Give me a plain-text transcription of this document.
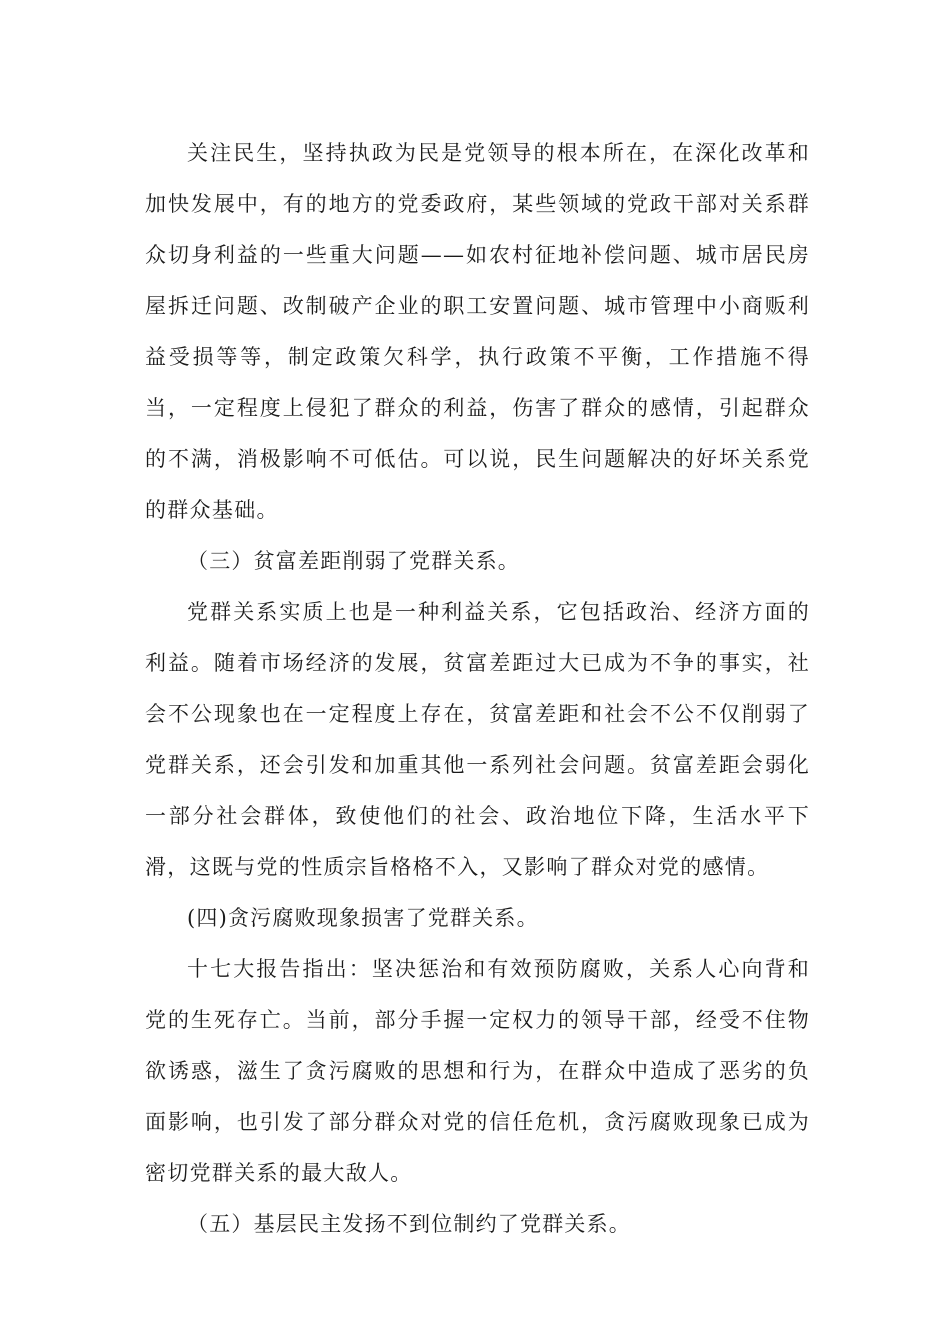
关注民生，坚持执政为民是党领导的根本所在，在深化改革和加快发展中，有的地方的党委政府，某些领域的党政干部对关系群众切身利益的一些重大问题——如农村征地补偿问题、城市居民房屋拆迁问题、改制破产企业的职工安置问题、城市管理中小商贩利益受损等等，制定政策欠科学，执行政策不平衡，工作措施不得当，一定程度上侵犯了群众的利益，伤害了群众的感情，引起群众的不满，消极影响不可低估。可以说，民生问题解决的好坏关系党的群众基础。

（三）贫富差距削弱了党群关系。

党群关系实质上也是一种利益关系，它包括政治、经济方面的利益。随着市场经济的发展，贫富差距过大已成为不争的事实，社会不公现象也在一定程度上存在，贫富差距和社会不公不仅削弱了党群关系，还会引发和加重其他一系列社会问题。贫富差距会弱化一部分社会群体，致使他们的社会、政治地位下降，生活水平下滑，这既与党的性质宗旨格格不入，又影响了群众对党的感情。

(四)贪污腐败现象损害了党群关系。

十七大报告指出：坚决惩治和有效预防腐败，关系人心向背和党的生死存亡。当前，部分手握一定权力的领导干部，经受不住物欲诱惑，滋生了贪污腐败的思想和行为，在群众中造成了恶劣的负面影响，也引发了部分群众对党的信任危机，贪污腐败现象已成为密切党群关系的最大敌人。

（五）基层民主发扬不到位制约了党群关系。
